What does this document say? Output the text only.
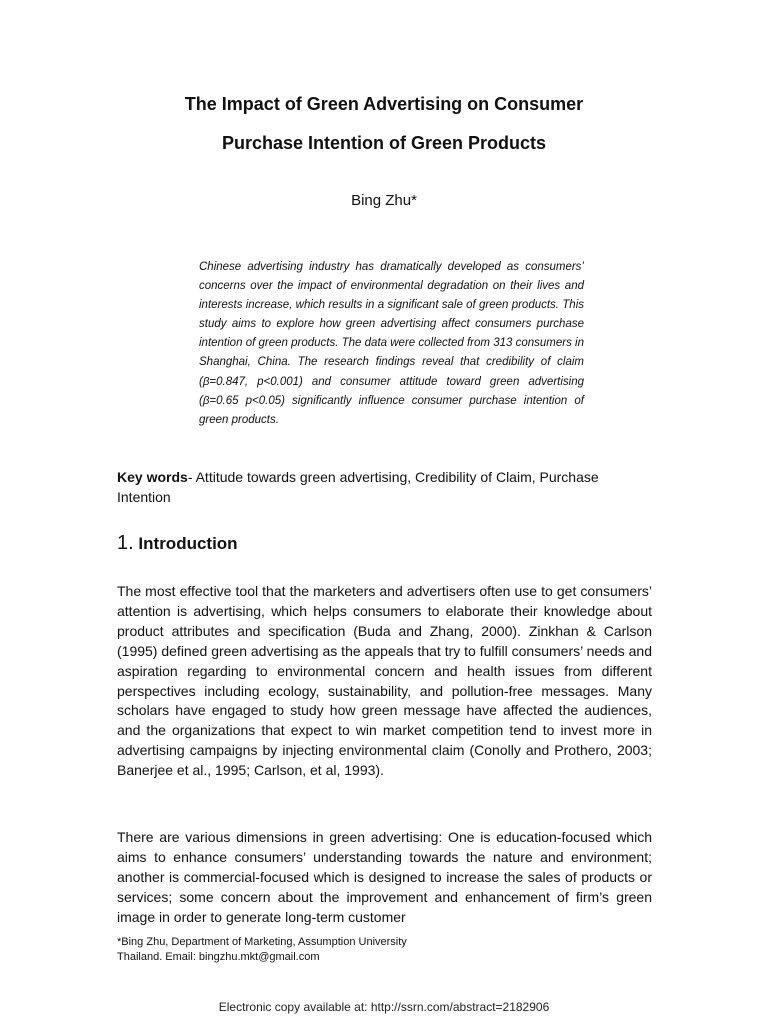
The Impact of Green Advertising on Consumer
Purchase Intention of Green Products
Bing Zhu*
Chinese advertising industry has dramatically developed as consumers’ concerns over the impact of environmental degradation on their lives and interests increase, which results in a significant sale of green products. This study aims to explore how green advertising affect consumers purchase intention of green products. The data were collected from 313 consumers in Shanghai, China. The research findings reveal that credibility of claim (β=0.847, p<0.001) and consumer attitude toward green advertising (β=0.65 p<0.05) significantly influence consumer purchase intention of green products.

Key words- Attitude towards green advertising, Credibility of Claim, Purchase Intention

1. Introduction

The most effective tool that the marketers and advertisers often use to get consumers’ attention is advertising, which helps consumers to elaborate their knowledge about product attributes and specification (Buda and Zhang, 2000). Zinkhan & Carlson (1995) defined green advertising as the appeals that try to fulfill consumers’ needs and aspiration regarding to environmental concern and health issues from different perspectives including ecology, sustainability, and pollution-free messages. Many scholars have engaged to study how green message have affected the audiences, and the organizations that expect to win market competition tend to invest more in advertising campaigns by injecting environmental claim (Conolly and Prothero, 2003; Banerjee et al., 1995; Carlson, et al, 1993).

There are various dimensions in green advertising: One is education-focused which aims to enhance consumers’ understanding towards the nature and environment; another is commercial-focused which is designed to increase the sales of products or services; some concern about the improvement and enhancement of firm’s green image in order to generate long-term customer

*Bing Zhu, Department of Marketing, Assumption University
Thailand. Email: bingzhu.mkt@gmail.com
Electronic copy available at: http://ssrn.com/abstract=2182906
